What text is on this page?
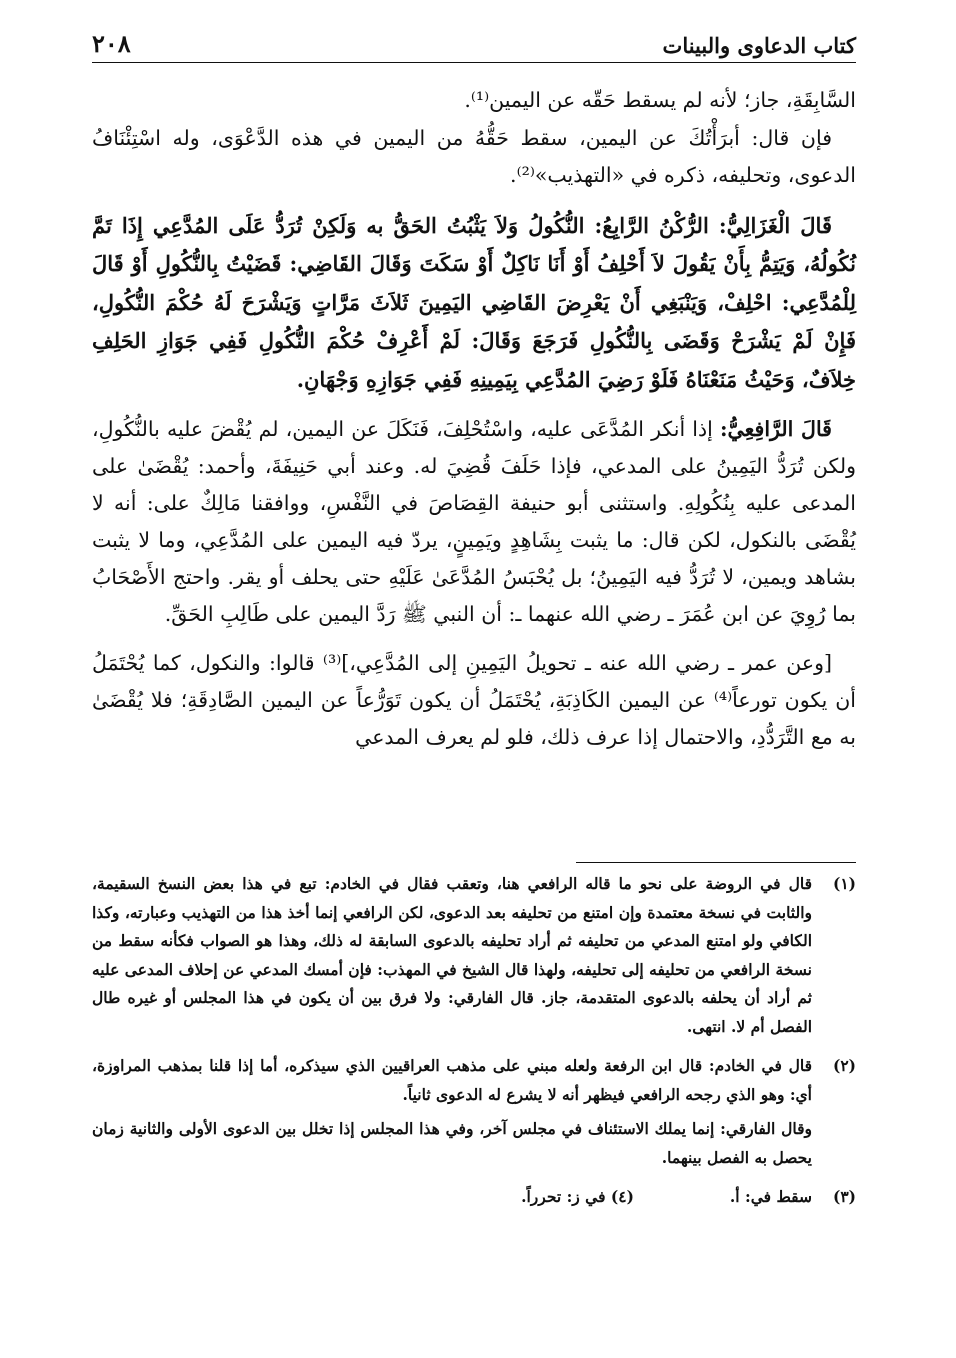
٢٠٨	كتاب الدعاوى والبينات

السَّابِقَةِ، جاز؛ لأنه لم يسقط حَقّه عن اليمين⁽¹⁾.

فإن قال: أبرَأْتُكَ عن اليمين، سقط حَقُّهُ من اليمين في هذه الدَّعْوَى، وله اسْتِئْنَافُ الدعوى، وتحليفه، ذكره في «التهذيب»⁽²⁾.

قَالَ الْغَزَالِيُّ: الرُّكْنُ الرَّابِعُ: النُّكُولُ وَلاَ يَثْبُتُ الحَقُّ به وَلَكِنْ تُرَدُّ عَلَى المُدَّعِي إِذَا تَمَّ نُكُولُهُ، وَيَتِمُّ بِأَنْ يَقُولَ لاَ أَحْلِفُ أَوْ أَنَا نَاكِلٌ أَوْ سَكَتَ وَقَالَ القَاضِي: قَضَيْتُ بِالنُّكُولِ أَوْ قَالَ لِلْمُدَّعِي: احْلِفْ، وَيَنْبَغِي أَنْ يَعْرِضَ القَاضِي اليَمِينَ ثَلاَثَ مَرَّاتٍ وَيَشْرَحَ لَهُ حُكْمَ النُّكُولِ، فَإِنْ لَمْ يَشْرَحْ وَقَضَى بِالنُّكُولِ فَرَجَعَ وَقَالَ: لَمْ أَعْرِفْ حُكْمَ النُّكُولِ فَفِي جَوَازِ الحَلِفِ خِلاَفٌ، وَحَيْثُ مَنَعْنَاهُ فَلَوْ رَضِيَ المُدَّعِي بِيَمِينِهِ فَفِي جَوَازِهِ وَجْهَانِ.

قَالَ الرَّافِعِيُّ: إذا أنكر المُدَّعَى عليه، واسْتُحْلِفَ، فَنَكَلَ عن اليمين، لم يُقْضَ عليه بالنُّكُولِ، ولكن تُرَدُّ اليَمِينُ على المدعي، فإذا حَلَفَ قُضِيَ له. وعند أبي حَنِيفَةَ، وأحمد: يُقْضَىٰ على المدعى عليه بِنُكُولِهِ. واستثنى أبو حنيفة القِصَاصَ في النَّفْسِ، ووافقنا مَالِكٌ على: أنه لا يُقْضَى بالنكول، لكن قال: ما يثبت بِشَاهِدٍ ويَمِينٍ، يردّ فيه اليمين على المُدَّعِي، وما لا يثبت بشاهد ويمين، لا تُرَدُّ فيه اليَمِينُ؛ بل يُحْبَسُ المُدَّعَىٰ عَلَيْهِ حتى يحلف أو يقر. واحتج الأَصْحَابُ بما رُوِيَ عن ابن عُمَرَ ـ رضي الله عنهما ـ: أن النبي ﷺ رَدَّ اليمين على طَالِبِ الحَقِّ.

[وعن عمر ـ رضي الله عنه ـ تحويلُ اليَمِينِ إلى المُدَّعِي،]⁽³⁾ قالوا: والنكول، كما يُحْتَمَلُ أن يكون تورعاً⁽⁴⁾ عن اليمين الكَاذِبَةِ، يُحْتَمَلُ أن يكون تَوَرُّعاً عن اليمين الصَّادِقَةِ؛ فلا يُقْضَىٰ به مع التَّرَدُّدِ، والاحتمال إذا عرف ذلك، فلو لم يعرف المدعي

(١)
قال في الروضة على نحو ما قاله الرافعي هنا، وتعقب فقال في الخادم: تبع في هذا بعض النسخ السقيمة، والثابت في نسخة معتمدة وإن امتنع من تحليفه بعد الدعوى، لكن الرافعي إنما أخذ هذا من التهذيب وعبارته، وكذا الكافي ولو امتنع المدعي من تحليفه ثم أراد تحليفه بالدعوى السابقة له ذلك، وهذا هو الصواب فكأنه سقط من نسخة الرافعي من تحليفه إلى تحليفه، ولهذا قال الشيخ في المهذب: فإن أمسك المدعي عن إحلاف المدعى عليه ثم أراد أن يحلفه بالدعوى المتقدمة، جاز. قال الفارقي: ولا فرق بين أن يكون في هذا المجلس أو غيره طال الفصل أم لا. انتهى.
(٢)
قال في الخادم: قال ابن الرفعة ولعله مبني على مذهب العراقيين الذي سيذكره، أما إذا قلنا بمذهب المراوزة، أي: وهو الذي رجحه الرافعي فيظهر أنه لا يشرع له الدعوى ثانياً.
وقال الفارقي: إنما يملك الاستئناف في مجلس آخر، وفي هذا المجلس إذا تخلل بين الدعوى الأولى والثانية زمان يحصل به الفصل بينهما.
(٣)
سقط في: أ.
(٤) في ز: تحرراً.
